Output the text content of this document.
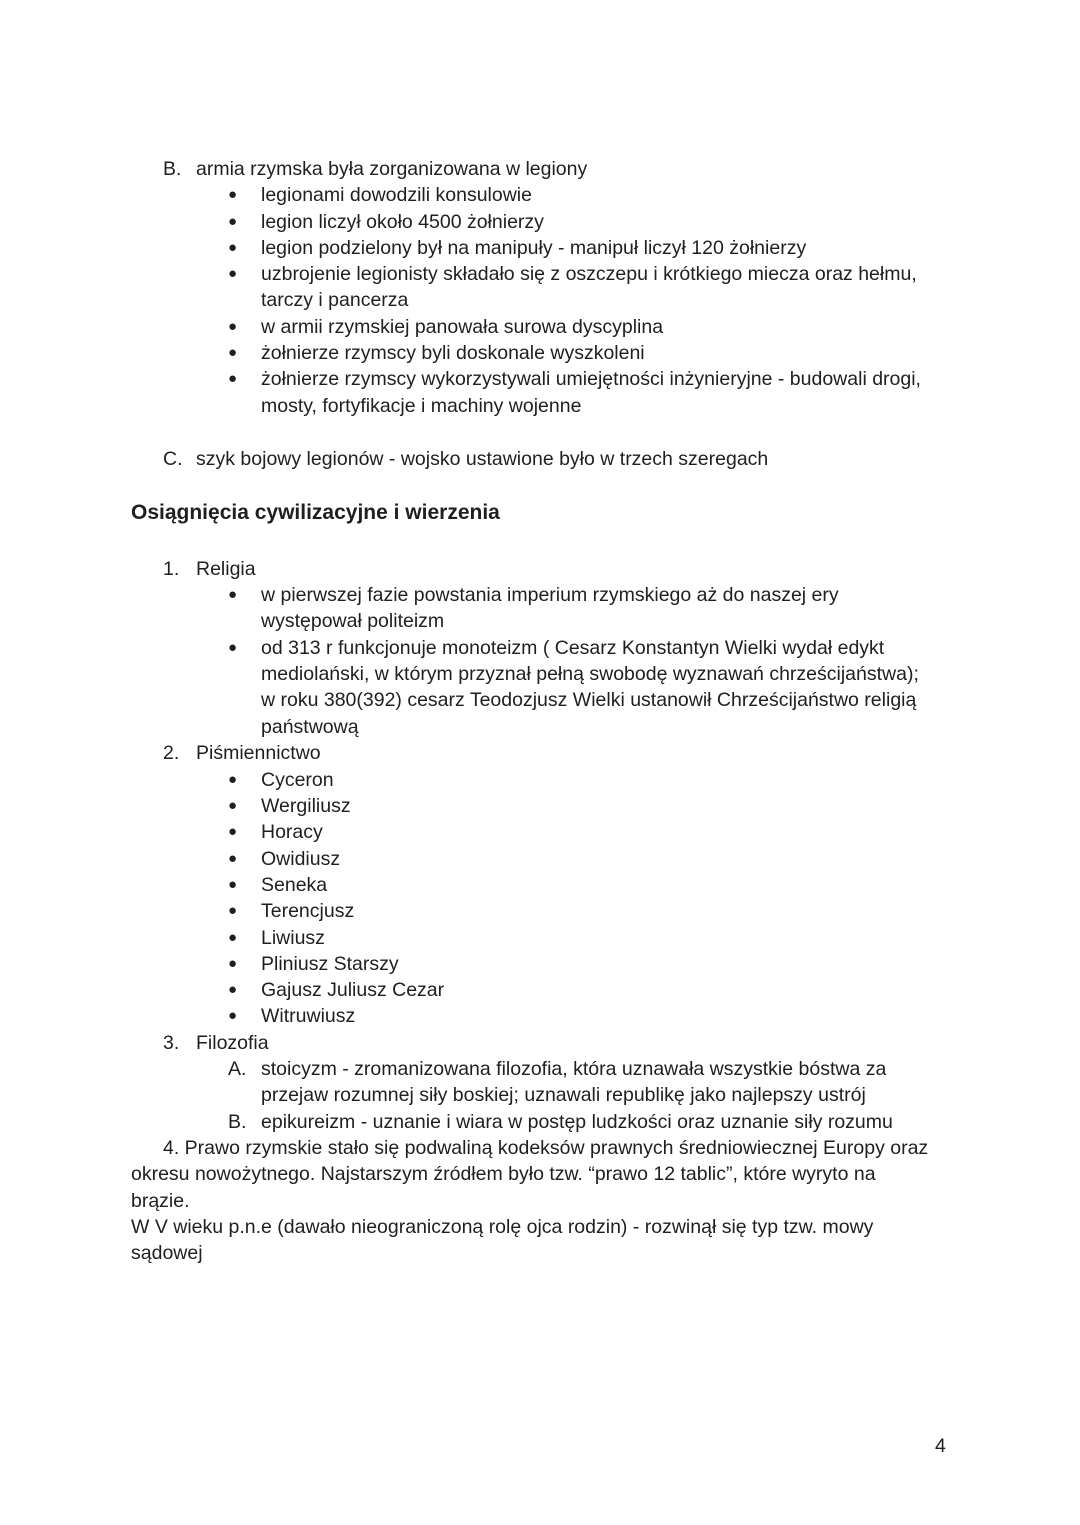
B. armia rzymska była zorganizowana w legiony
● legionami dowodzili konsulowie
● legion liczył około 4500 żołnierzy
● legion podzielony był na manipuły - manipuł liczył 120 żołnierzy
● uzbrojenie legionisty składało się z oszczepu i krótkiego miecza oraz hełmu,
tarczy i pancerza
● w armii rzymskiej panowała surowa dyscyplina
● żołnierze rzymscy byli doskonale wyszkoleni
● żołnierze rzymscy wykorzystywali umiejętności inżynieryjne - budowali drogi,
mosty, fortyfikacje i machiny wojenne
C. szyk bojowy legionów - wojsko ustawione było w trzech szeregach
Osiągnięcia cywilizacyjne i wierzenia
1. Religia
● w pierwszej fazie powstania imperium rzymskiego aż do naszej ery
występował politeizm
● od 313 r funkcjonuje monoteizm ( Cesarz Konstantyn Wielki wydał edykt
mediolański, w którym przyznał pełną swobodę wyznawań chrześcijaństwa);
w roku 380(392) cesarz Teodozjusz Wielki ustanowił Chrześcijaństwo religią
państwową
2. Piśmiennictwo
● Cyceron
● Wergiliusz
● Horacy
● Owidiusz
● Seneka
● Terencjusz
● Liwiusz
● Pliniusz Starszy
● Gajusz Juliusz Cezar
● Witruwiusz
3. Filozofia
A. stoicyzm - zromanizowana filozofia, która uznawała wszystkie bóstwa za
przejaw rozumnej siły boskiej; uznawali republikę jako najlepszy ustrój
B. epikureizm - uznanie i wiara w postęp ludzkości oraz uznanie siły rozumu
4. Prawo rzymskie stało się podwaliną kodeksów prawnych średniowiecznej Europy oraz
okresu nowożytnego. Najstarszym źródłem było tzw. “prawo 12 tablic”, które wyryto na
brązie.
W V wieku p.n.e (dawało nieograniczoną rolę ojca rodzin) - rozwinął się typ tzw. mowy
sądowej
4
